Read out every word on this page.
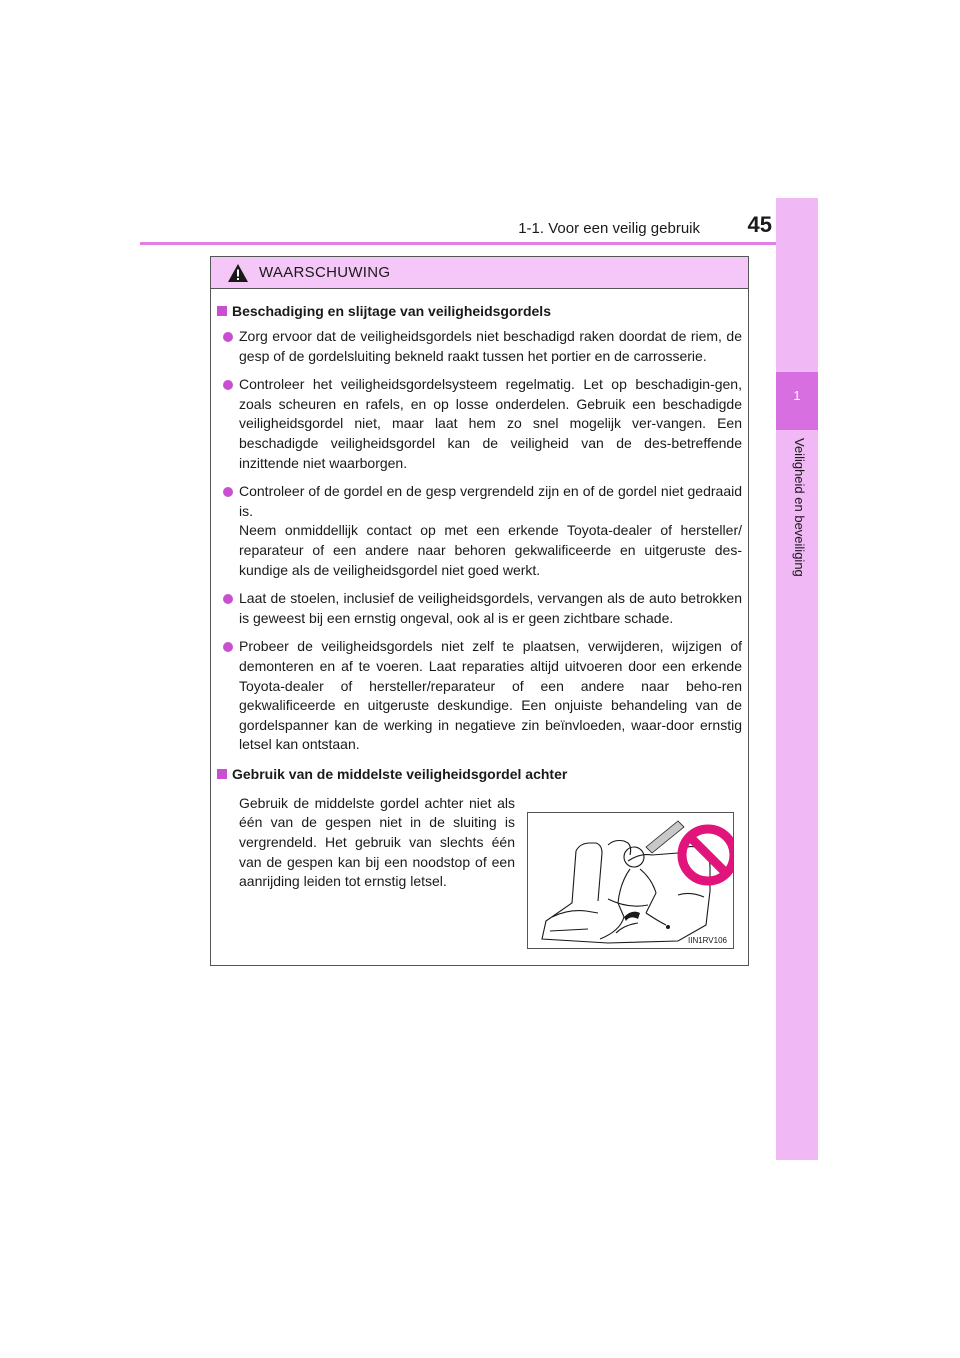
1-1. Voor een veilig gebruik	45
1
Veiligheid en beveiliging
WAARSCHUWING
Beschadiging en slijtage van veiligheidsgordels
Zorg ervoor dat de veiligheidsgordels niet beschadigd raken doordat de riem, de gesp of de gordelsluiting bekneld raakt tussen het portier en de carrosserie.
Controleer het veiligheidsgordelsysteem regelmatig. Let op beschadigin-gen, zoals scheuren en rafels, en op losse onderdelen. Gebruik een beschadigde veiligheidsgordel niet, maar laat hem zo snel mogelijk ver-vangen. Een beschadigde veiligheidsgordel kan de veiligheid van de des-betreffende inzittende niet waarborgen.
Controleer of de gordel en de gesp vergrendeld zijn en of de gordel niet gedraaid is.
Neem onmiddellijk contact op met een erkende Toyota-dealer of hersteller/ reparateur of een andere naar behoren gekwalificeerde en uitgeruste des-kundige als de veiligheidsgordel niet goed werkt.
Laat de stoelen, inclusief de veiligheidsgordels, vervangen als de auto betrokken is geweest bij een ernstig ongeval, ook al is er geen zichtbare schade.
Probeer de veiligheidsgordels niet zelf te plaatsen, verwijderen, wijzigen of demonteren en af te voeren. Laat reparaties altijd uitvoeren door een erkende Toyota-dealer of hersteller/reparateur of een andere naar beho-ren gekwalificeerde en uitgeruste deskundige. Een onjuiste behandeling van de gordelspanner kan de werking in negatieve zin beïnvloeden, waar-door ernstig letsel kan ontstaan.
Gebruik van de middelste veiligheidsgordel achter
Gebruik de middelste gordel achter niet als één van de gespen niet in de sluiting is vergrendeld. Het gebruik van slechts één van de gespen kan bij een noodstop of een aanrijding leiden tot ernstig letsel.
IIN1RV106
